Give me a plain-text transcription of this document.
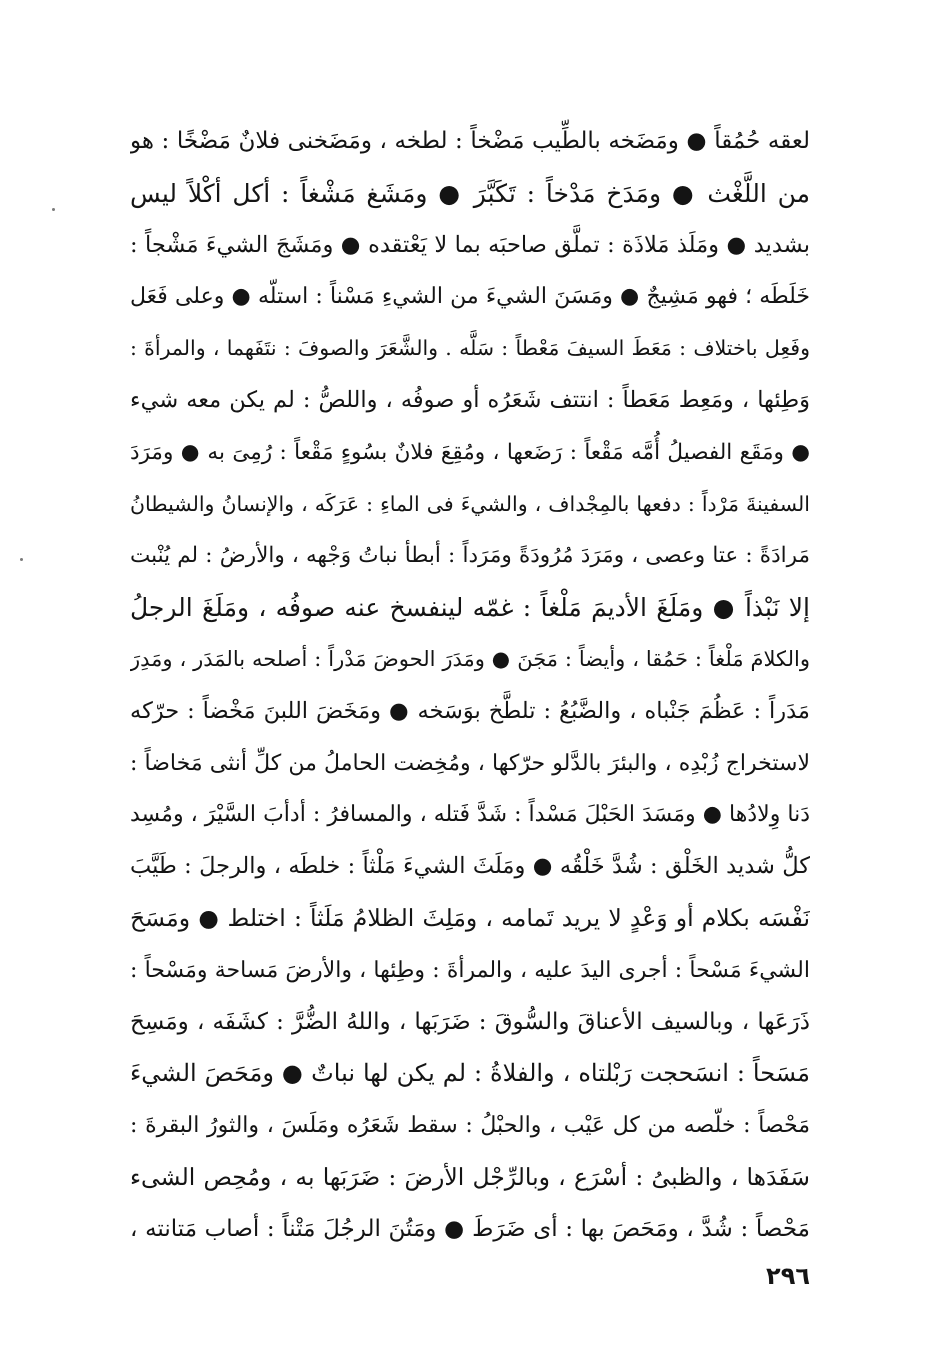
لعقه حُمُقاً ● ومَضَخه بالطِّيب مَضْخاً : لطخه ، ومَضَخنى فلانٌ مَضْخًا : هو
من اللَّغْث ● ومَدَخ مَدْخاً : تَكَبَّرَ ● ومَشَغ مَشْغاً : أكل أكْلاً ليس
بشديد ● ومَلَذ مَلاذَة : تملَّق صاحبَه بما لا يَعْتقده ● ومَشَجَ الشيءَ مَشْجاً :
خَلَطَه ؛ فهو مَشِيجٌ ● ومَسَنَ الشيءَ من الشيءِ مَسْناً : استلّه ● وعلى فَعَل
وفَعِل باختلاف : مَعَطَ السيفَ مَعْطاً : سَلَّه . والشَّعَرَ والصوفَ : نتَفَهما ، والمرأةَ :
وَطِئها ، ومَعِط مَعَطاً : انتتف شَعَرُه أو صوفُه ، واللصُّ : لم يكن معه شيء
● ومَقَع الفصيلُ أُمَّه مَقْعاً : رَضَعها ، ومُقِعَ فلانٌ بسُوءٍ مَقْعاً : رُمِىَ به ● ومَرَدَ
السفينةَ مَرْداً : دفعها بالمِجْداف ، والشيءَ فى الماءِ : عَرَكَه ، والإنسانُ والشيطانُ
مَرادَةً : عتا وعصى ، ومَرَدَ مُرُودَةً ومَرَداً : أبطأ نباتُ وَجْهه ، والأرضُ : لم يُنْبت
إلا نَبْذاً ● ومَلَغَ الأديمَ مَلْغاً : غمّه لينفسخ عنه صوفُه ، ومَلَغَ الرجلُ
والكلامَ مَلْغاً : حَمُقا ، وأيضاً : مَجَنَ ● ومَدَرَ الحوضَ مَدْراً : أصلحه بالمَدَر ، ومَدِرَ
مَدَراً : عَظُمَ جَنْباه ، والضَّبُعُ : تلطَّخ بوَسَخه ● ومَخَضَ اللبنَ مَخْضاً : حرّكه
لاستخراج زُبْدِه ، والبئرَ بالدَّلو حرّكها ، ومُخِضت الحاملُ من كلِّ أنثى مَخاضاً :
دَنا وِلادُها ● ومَسَدَ الحَبْلَ مَسْداً : شَدَّ فَتله ، والمسافرُ : أدأبَ السَّيْرَ ، ومُسِد
كلُّ شديد الخَلْق : شُدَّ خَلْقُه ● ومَلَثَ الشيءَ مَلْثاً : خلطَه ، والرجلَ : طَيَّبَ
نَفْسَه بكلام أو وَعْدٍ لا يريد تَمامه ، ومَلِثَ الظلامُ مَلَثاً : اختلط ● ومَسَحَ
الشيءَ مَسْحاً : أجرى اليدَ عليه ، والمرأةَ : وطِئها ، والأرضَ مَساحة ومَسْحاً :
ذَرَعَها ، وبالسيف الأعناقَ والسُّوقَ : ضَرَبَها ، واللهُ الضُّرَّ : كشَفَه ، ومَسِحَ
مَسَحاً : انسَحجت رَبْلتاه ، والفلاةُ : لم يكن لها نباتٌ ● ومَحَصَ الشيءَ
مَحْصاً : خلّصه من كل عَيْب ، والحبْلُ : سقط شَعَرُه ومَلَسَ ، والثورُ البقرةَ :
سَفَدَها ، والظبىُ : أسْرَع ، وبالرِّجْل الأرضَ : ضَرَبَها به ، ومُحِص الشىء
مَحْصاً : شُدَّ ، ومَحَصَ بها : أى ضَرَطَ ● ومَتُنَ الرجُلَ مَتْناً : أصاب مَتانته ،
٢٩٦
